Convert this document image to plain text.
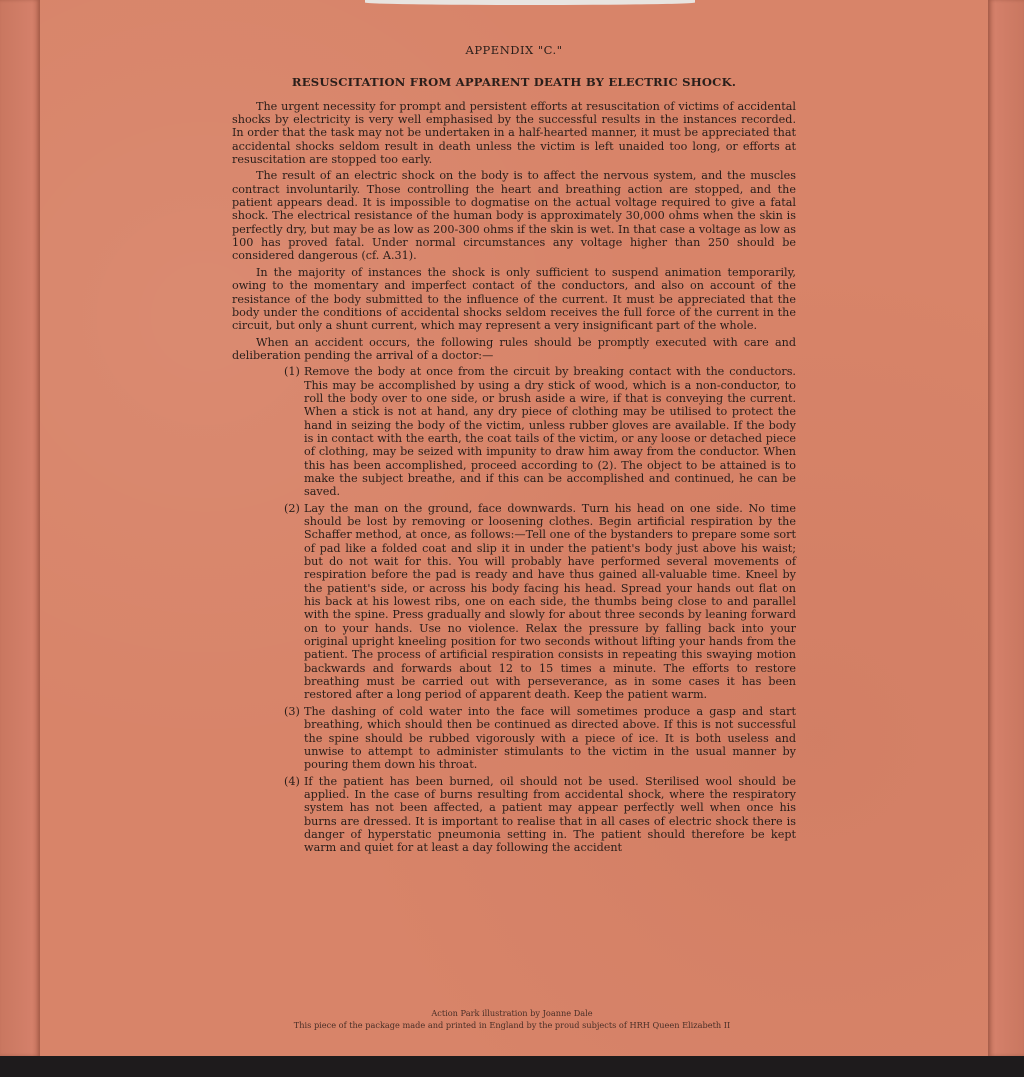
APPENDIX "C."
RESUSCITATION FROM APPARENT DEATH BY ELECTRIC SHOCK.

The urgent necessity for prompt and persistent efforts at resuscitation of victims of accidental shocks by electricity is very well emphasised by the successful results in the instances recorded. In order that the task may not be undertaken in a half-hearted manner, it must be appreciated that accidental shocks seldom result in death unless the victim is left unaided too long, or efforts at resuscitation are stopped too early.

The result of an electric shock on the body is to affect the nervous system, and the muscles contract involuntarily. Those controlling the heart and breathing action are stopped, and the patient appears dead. It is impossible to dogmatise on the actual voltage required to give a fatal shock. The electrical resistance of the human body is approximately 30,000 ohms when the skin is perfectly dry, but may be as low as 200-300 ohms if the skin is wet. In that case a voltage as low as 100 has proved fatal. Under normal circumstances any voltage higher than 250 should be considered dangerous (cf. A.31).

In the majority of instances the shock is only sufficient to suspend animation temporarily, owing to the momentary and imperfect contact of the conductors, and also on account of the resistance of the body submitted to the influence of the current. It must be appreciated that the body under the conditions of accidental shocks seldom receives the full force of the current in the circuit, but only a shunt current, which may represent a very insignificant part of the whole.

When an accident occurs, the following rules should be promptly executed with care and deliberation pending the arrival of a doctor:—

(1) Remove the body at once from the circuit by breaking contact with the conductors. This may be accomplished by using a dry stick of wood, which is a non-conductor, to roll the body over to one side, or brush aside a wire, if that is conveying the current. When a stick is not at hand, any dry piece of clothing may be utilised to protect the hand in seizing the body of the victim, unless rubber gloves are available. If the body is in contact with the earth, the coat tails of the victim, or any loose or detached piece of clothing, may be seized with impunity to draw him away from the conductor. When this has been accomplished, proceed according to (2). The object to be attained is to make the subject breathe, and if this can be accomplished and continued, he can be saved.
(2) Lay the man on the ground, face downwards. Turn his head on one side. No time should be lost by removing or loosening clothes. Begin artificial respiration by the Schaffer method, at once, as follows:—Tell one of the bystanders to prepare some sort of pad like a folded coat and slip it in under the patient's body just above his waist; but do not wait for this. You will probably have performed several movements of respiration before the pad is ready and have thus gained all-valuable time. Kneel by the patient's side, or across his body facing his head. Spread your hands out flat on his back at his lowest ribs, one on each side, the thumbs being close to and parallel with the spine. Press gradually and slowly for about three seconds by leaning forward on to your hands. Use no violence. Relax the pressure by falling back into your original upright kneeling position for two seconds without lifting your hands from the patient. The process of artificial respiration consists in repeating this swaying motion backwards and forwards about 12 to 15 times a minute. The efforts to restore breathing must be carried out with perseverance, as in some cases it has been restored after a long period of apparent death. Keep the patient warm.
(3) The dashing of cold water into the face will sometimes produce a gasp and start breathing, which should then be continued as directed above. If this is not successful the spine should be rubbed vigorously with a piece of ice. It is both useless and unwise to attempt to administer stimulants to the victim in the usual manner by pouring them down his throat.
(4) If the patient has been burned, oil should not be used. Sterilised wool should be applied. In the case of burns resulting from accidental shock, where the respiratory system has not been affected, a patient may appear perfectly well when once his burns are dressed. It is important to realise that in all cases of electric shock there is danger of hyperstatic pneumonia setting in. The patient should therefore be kept warm and quiet for at least a day following the accident
Action Park illustration by Joanne Dale
This piece of the package made and printed in England by the proud subjects of HRH Queen Elizabeth II
